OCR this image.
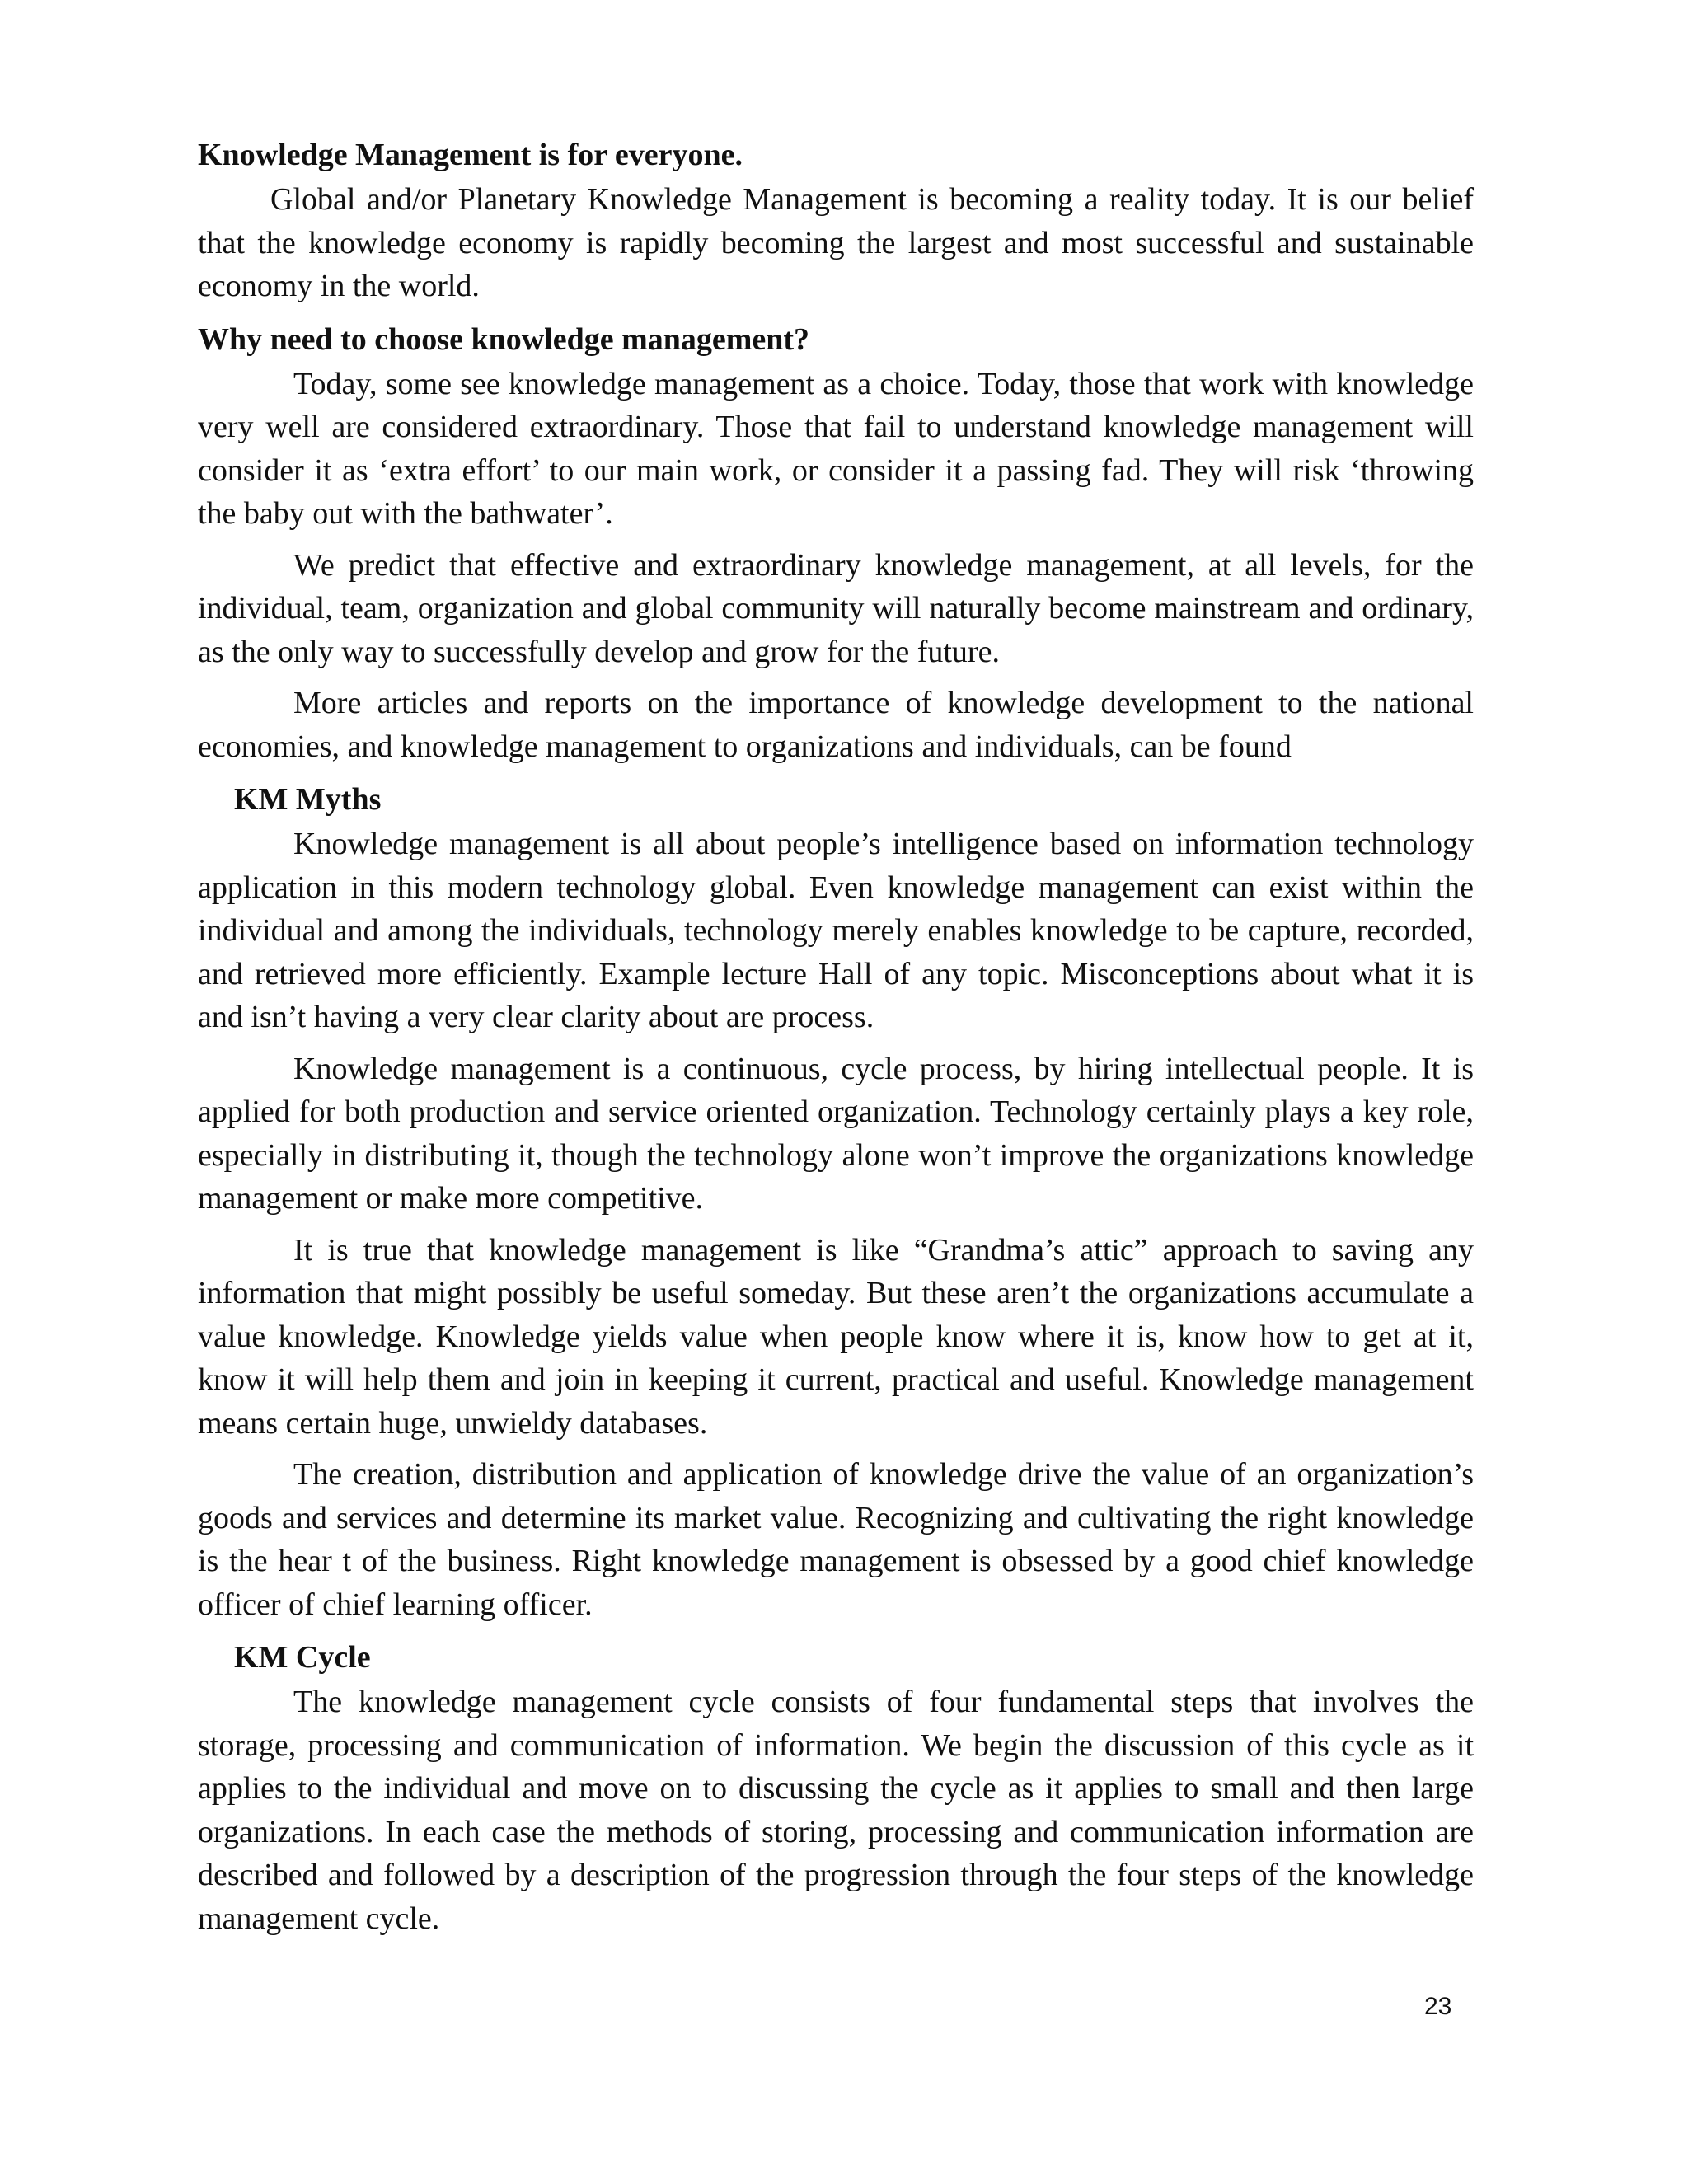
Knowledge Management is for everyone.

Global and/or Planetary Knowledge Management is becoming a reality today. It is our belief that the knowledge economy is rapidly becoming the largest and most successful and sustainable economy in the world.

Why need to choose knowledge management?

Today, some see knowledge management as a choice. Today, those that work with knowledge very well are considered extraordinary. Those that fail to understand knowledge management will consider it as ‘extra effort’ to our main work, or consider it a passing fad. They will risk ‘throwing the baby out with the bathwater’.

We predict that effective and extraordinary knowledge management, at all levels, for the individual, team, organization and global community will naturally become mainstream and ordinary, as the only way to successfully develop and grow for the future.

More articles and reports on the importance of knowledge development to the national economies, and knowledge management to organizations and individuals, can be found

KM Myths

Knowledge management is all about people’s intelligence based on information technology application in this modern technology global. Even knowledge management can exist within the individual and among the individuals, technology merely enables knowledge to be capture, recorded, and retrieved more efficiently. Example lecture Hall of any topic. Misconceptions about what it is and isn’t having a very clear clarity about are process.

Knowledge management is a continuous, cycle process, by hiring intellectual people. It is applied for both production and service oriented organization. Technology certainly plays a key role, especially in distributing it, though the technology alone won’t improve the organizations knowledge management or make more competitive.

It is true that knowledge management is like “Grandma’s attic” approach to saving any information that might possibly be useful someday. But these aren’t the organizations accumulate a value knowledge. Knowledge yields value when people know where it is, know how to get at it, know it will help them and join in keeping it current, practical and useful. Knowledge management means certain huge, unwieldy databases.

The creation, distribution and application of knowledge drive the value of an organization’s goods and services and determine its market value. Recognizing and cultivating the right knowledge is the hear t of the business. Right knowledge management is obsessed by a good chief knowledge officer of chief learning officer.

KM Cycle

The knowledge management cycle consists of four fundamental steps that involves the storage, processing and communication of information. We begin the discussion of this cycle as it applies to the individual and move on to discussing the cycle as it applies to small and then large organizations. In each case the methods of storing, processing and communication information are described and followed by a description of the progression through the four steps of the knowledge management cycle.

23
